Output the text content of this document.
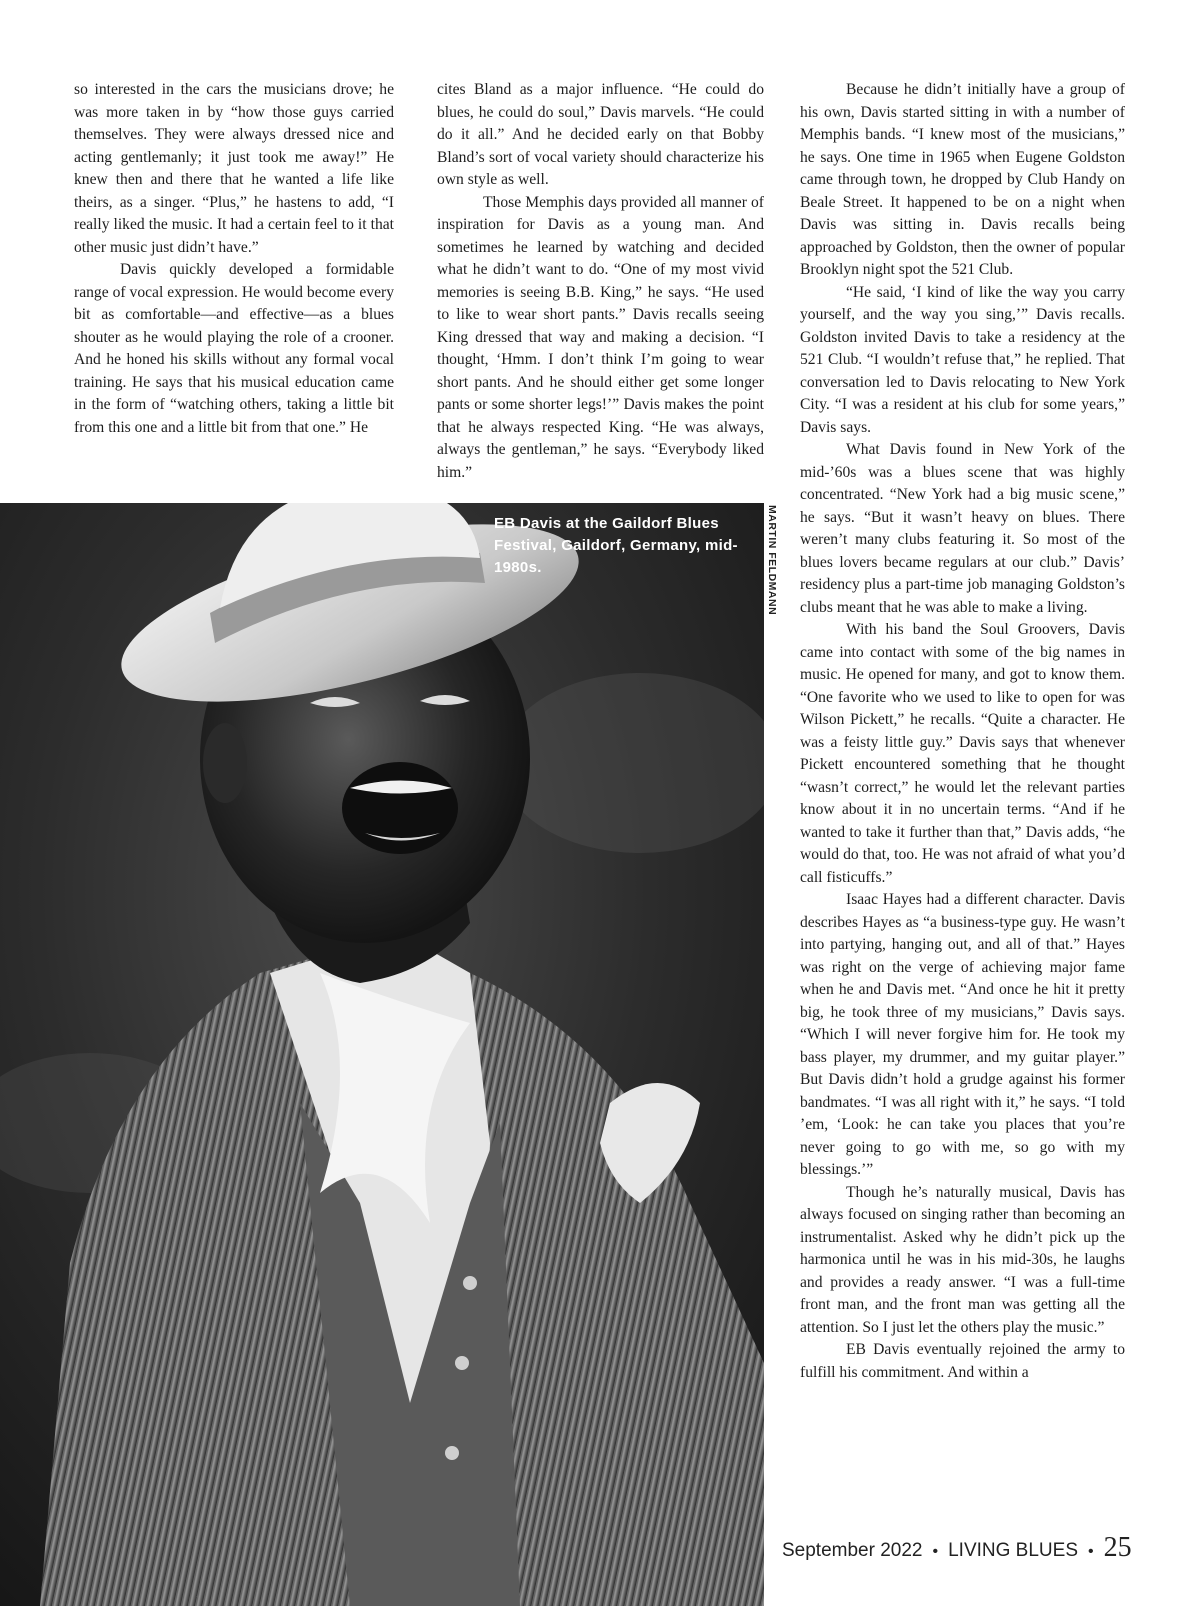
so interested in the cars the musicians drove; he was more taken in by “how those guys carried themselves. They were always dressed nice and acting gentlemanly; it just took me away!” He knew then and there that he wanted a life like theirs, as a singer. “Plus,” he hastens to add, “I really liked the music. It had a certain feel to it that other music just didn’t have.”

Davis quickly developed a formidable range of vocal expression. He would become every bit as comfortable—and effective—as a blues shouter as he would playing the role of a crooner. And he honed his skills without any formal vocal training. He says that his musical education came in the form of “watching others, taking a little bit from this one and a little bit from that one.” He

cites Bland as a major influence. “He could do blues, he could do soul,” Davis marvels. “He could do it all.” And he decided early on that Bobby Bland’s sort of vocal variety should characterize his own style as well.

Those Memphis days provided all manner of inspiration for Davis as a young man. And sometimes he learned by watching and decided what he didn’t want to do. “One of my most vivid memories is seeing B.B. King,” he says. “He used to like to wear short pants.” Davis recalls seeing King dressed that way and making a decision. “I thought, ‘Hmm. I don’t think I’m going to wear short pants. And he should either get some longer pants or some shorter legs!’” Davis makes the point that he always respected King. “He was always, always the gentleman,” he says. “Everybody liked him.”

Because he didn’t initially have a group of his own, Davis started sitting in with a number of Memphis bands. “I knew most of the musicians,” he says. One time in 1965 when Eugene Goldston came through town, he dropped by Club Handy on Beale Street. It happened to be on a night when Davis was sitting in. Davis recalls being approached by Goldston, then the owner of popular Brooklyn night spot the 521 Club.

“He said, ‘I kind of like the way you carry yourself, and the way you sing,’” Davis recalls. Goldston invited Davis to take a residency at the 521 Club. “I wouldn’t refuse that,” he replied. That conversation led to Davis relocating to New York City. “I was a resident at his club for some years,” Davis says.

What Davis found in New York of the mid-’60s was a blues scene that was highly concentrated. “New York had a big music scene,” he says. “But it wasn’t heavy on blues. There weren’t many clubs featuring it. So most of the blues lovers became regulars at our club.” Davis’ residency plus a part-time job managing Goldston’s clubs meant that he was able to make a living.

With his band the Soul Groovers, Davis came into contact with some of the big names in music. He opened for many, and got to know them. “One favorite who we used to like to open for was Wilson Pickett,” he recalls. “Quite a character. He was a feisty little guy.” Davis says that whenever Pickett encountered something that he thought “wasn’t correct,” he would let the relevant parties know about it in no uncertain terms. “And if he wanted to take it further than that,” Davis adds, “he would do that, too. He was not afraid of what you’d call fisticuffs.”

Isaac Hayes had a different character. Davis describes Hayes as “a business-type guy. He wasn’t into partying, hanging out, and all of that.” Hayes was right on the verge of achieving major fame when he and Davis met. “And once he hit it pretty big, he took three of my musicians,” Davis says. “Which I will never forgive him for. He took my bass player, my drummer, and my guitar player.” But Davis didn’t hold a grudge against his former bandmates. “I was all right with it,” he says. “I told ’em, ‘Look: he can take you places that you’re never going to go with me, so go with my blessings.’”

Though he’s naturally musical, Davis has always focused on singing rather than becoming an instrumentalist. Asked why he didn’t pick up the harmonica until he was in his mid-30s, he laughs and provides a ready answer. “I was a full-time front man, and the front man was getting all the attention. So I just let the others play the music.”

EB Davis eventually rejoined the army to fulfill his commitment. And within a

EB Davis at the Gaildorf Blues Festival, Gaildorf, Germany, mid-1980s.	MARTIN FELDMANN
September 2022 • LIVING BLUES • 25
